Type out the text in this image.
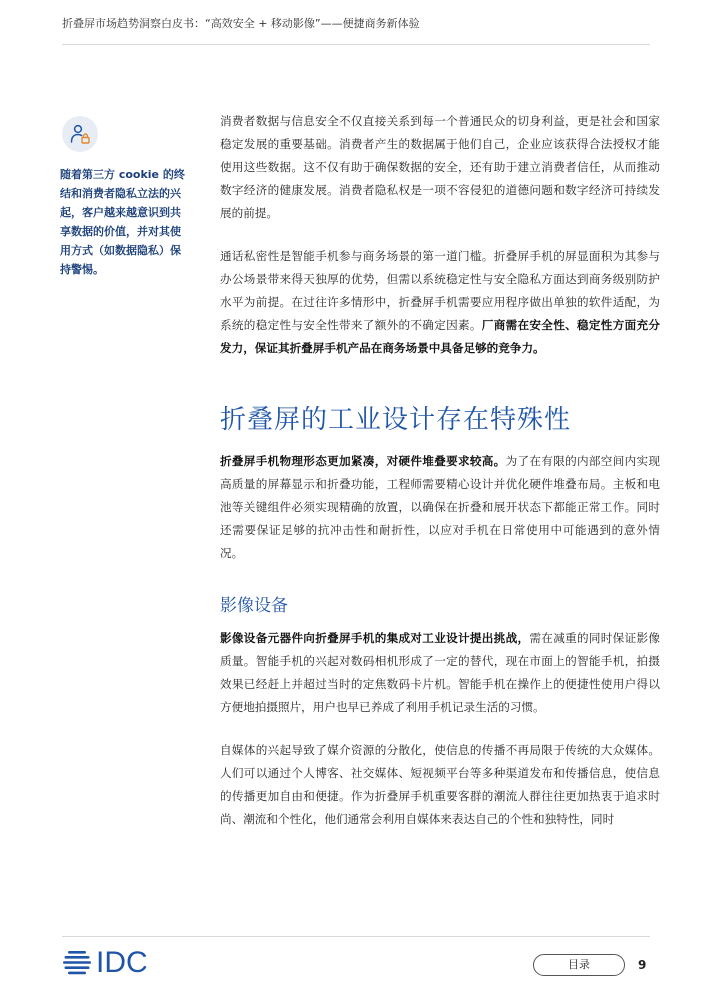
折叠屏市场趋势洞察白皮书：“高效安全 + 移动影像”——便捷商务新体验
随着第三方 cookie 的终结和消费者隐私立法的兴起，客户越来越意识到共享数据的价值，并对其使用方式（如数据隐私）保持警惕。

消费者数据与信息安全不仅直接关系到每一个普通民众的切身利益，更是社会和国家稳定发展的重要基础。消费者产生的数据属于他们自己，企业应该获得合法授权才能使用这些数据。这不仅有助于确保数据的安全，还有助于建立消费者信任，从而推动数字经济的健康发展。消费者隐私权是一项不容侵犯的道德问题和数字经济可持续发展的前提。

通话私密性是智能手机参与商务场景的第一道门槛。折叠屏手机的屏显面积为其参与办公场景带来得天独厚的优势，但需以系统稳定性与安全隐私方面达到商务级别防护水平为前提。在过往许多情形中，折叠屏手机需要应用程序做出单独的软件适配，为系统的稳定性与安全性带来了额外的不确定因素。厂商需在安全性、稳定性方面充分发力，保证其折叠屏手机产品在商务场景中具备足够的竞争力。

折叠屏的工业设计存在特殊性

折叠屏手机物理形态更加紧凑，对硬件堆叠要求较高。为了在有限的内部空间内实现高质量的屏幕显示和折叠功能，工程师需要精心设计并优化硬件堆叠布局。主板和电池等关键组件必须实现精确的放置，以确保在折叠和展开状态下都能正常工作。同时还需要保证足够的抗冲击性和耐折性，以应对手机在日常使用中可能遇到的意外情况。

影像设备

影像设备元器件向折叠屏手机的集成对工业设计提出挑战，需在减重的同时保证影像质量。智能手机的兴起对数码相机形成了一定的替代，现在市面上的智能手机，拍摄效果已经赶上并超过当时的定焦数码卡片机。智能手机在操作上的便捷性使用户得以方便地拍摄照片，用户也早已养成了利用手机记录生活的习惯。

自媒体的兴起导致了媒介资源的分散化，使信息的传播不再局限于传统的大众媒体。人们可以通过个人博客、社交媒体、短视频平台等多种渠道发布和传播信息，使信息的传播更加自由和便捷。作为折叠屏手机重要客群的潮流人群往往更加热衷于追求时尚、潮流和个性化，他们通常会利用自媒体来表达自己的个性和独特性，同时

IDC	目录	9
